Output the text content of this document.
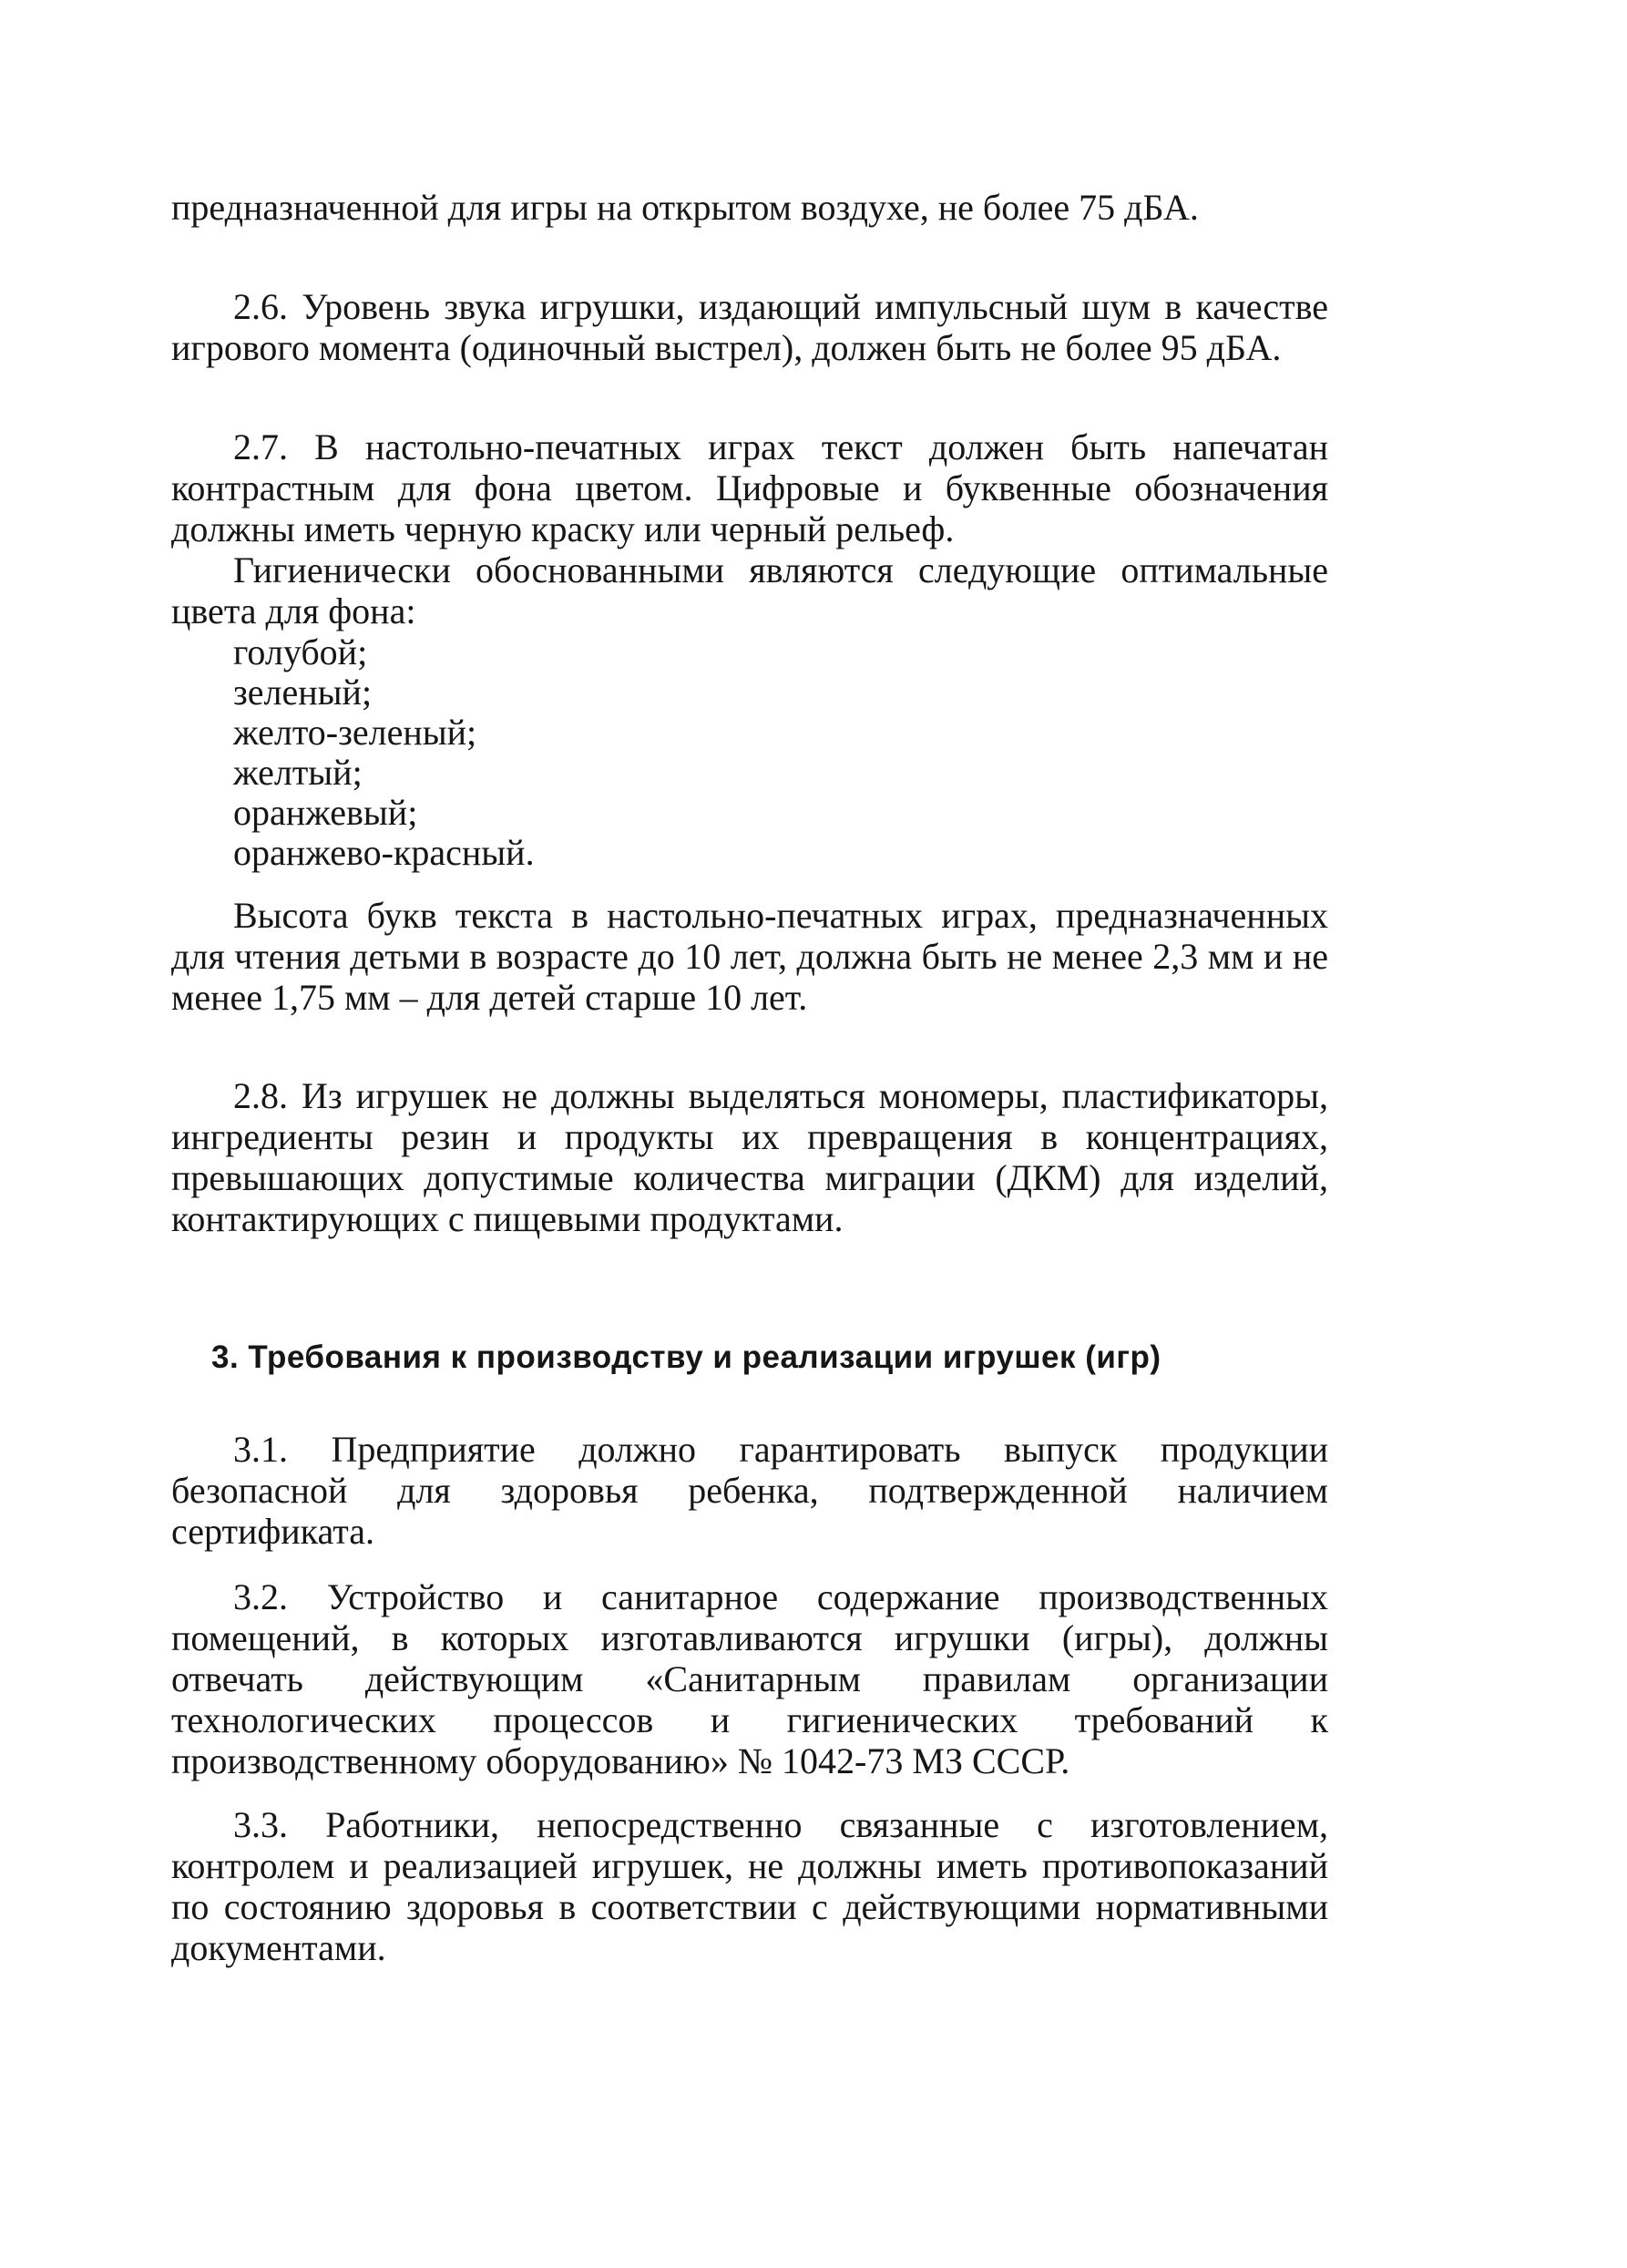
предназначенной для игры на открытом воздухе, не более 75 дБА.

2.6. Уровень звука игрушки, издающий импульсный шум в качестве игрового момента (одиночный выстрел), должен быть не более 95 дБА.

2.7. В настольно-печатных играх текст должен быть напечатан контрастным для фона цветом. Цифровые и буквенные обозначения должны иметь черную краску или черный рельеф.

Гигиенически обоснованными являются следующие оптимальные цвета для фона:

голубой;
зеленый;
желто-зеленый;
желтый;
оранжевый;
оранжево-красный.

Высота букв текста в настольно-печатных играх, предназначенных для чтения детьми в возрасте до 10 лет, должна быть не менее 2,3 мм и не менее 1,75 мм – для детей старше 10 лет.

2.8. Из игрушек не должны выделяться мономеры, пластификаторы, ингредиенты резин и продукты их превращения в концентрациях, превышающих допустимые количества миграции (ДКМ) для изделий, контактирующих с пищевыми продуктами.

3. Требования к производству и реализации игрушек (игр)

3.1. Предприятие должно гарантировать выпуск продукции безопасной для здоровья ребенка, подтвержденной наличием сертификата.

3.2. Устройство и санитарное содержание производственных помещений, в которых изготавливаются игрушки (игры), должны отвечать действующим «Санитарным правилам организации технологических процессов и гигиенических требований к производственному оборудованию» № 1042-73 МЗ СССР.

3.3. Работники, непосредственно связанные с изготовлением, контролем и реализацией игрушек, не должны иметь противопоказаний по состоянию здоровья в соответствии с действующими нормативными документами.
